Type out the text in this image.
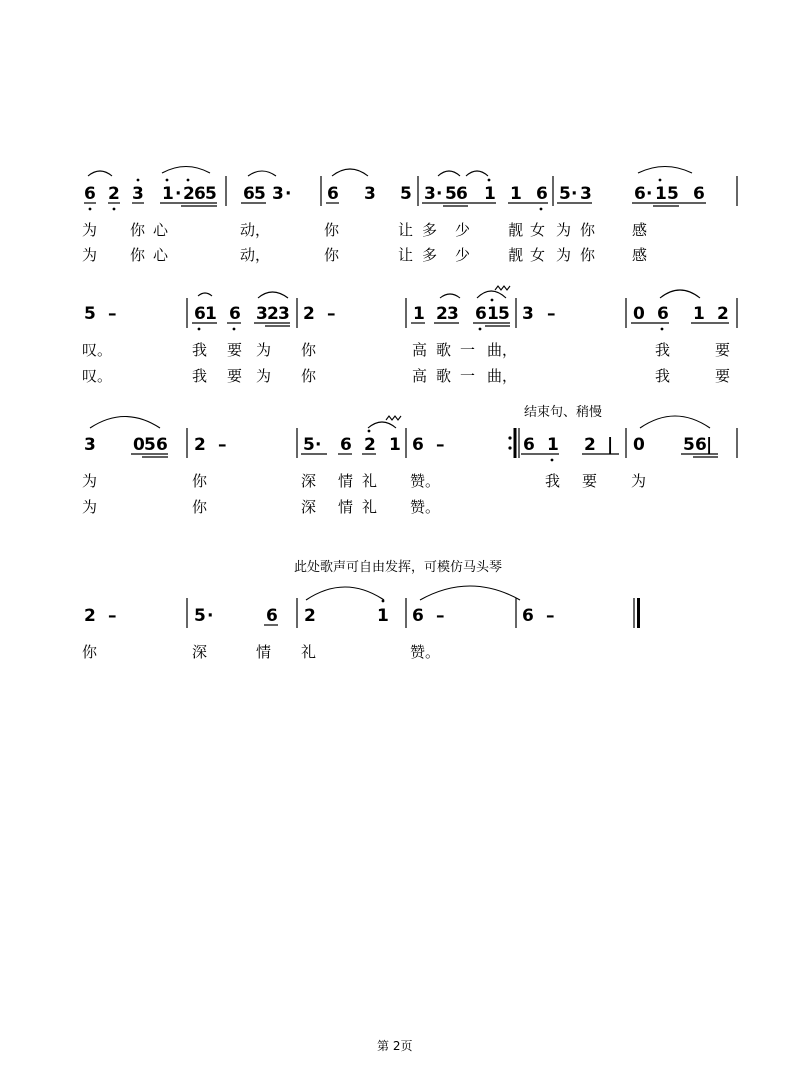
6 2 3 1 · 2 6 5 6 5 3 · 6 3 5 3 · 5 6 1 1 6 5 · 3 6 · 1 5 6
为 你 心	动，	你	让 多 少	靓 女 为 你 感
为 你 心	动，	你	让 多 少	靓 女 为 你 感
5 –	6 1 6 3 2 3 2 –	1 2 3 6 1 5 3 –	0 6 1 2
叹。	我 要 为 你	高 歌 一 曲，	我	要
叹。	我 要 为 你	高 歌 一 曲，	我	要
结束句、稍慢
3 0 5 6 2 –	5 · 6 2 1 6 –	6 1 2 | 0 5 6 |
为	你	深 情 礼 赞。	我 要 为
为	你	深 情 礼 赞。
此处歌声可自由发挥，可模仿马头琴
2 –	5 ·	6 2	1 6 –	6 –
你	深	情 礼	赞。
第 2页
